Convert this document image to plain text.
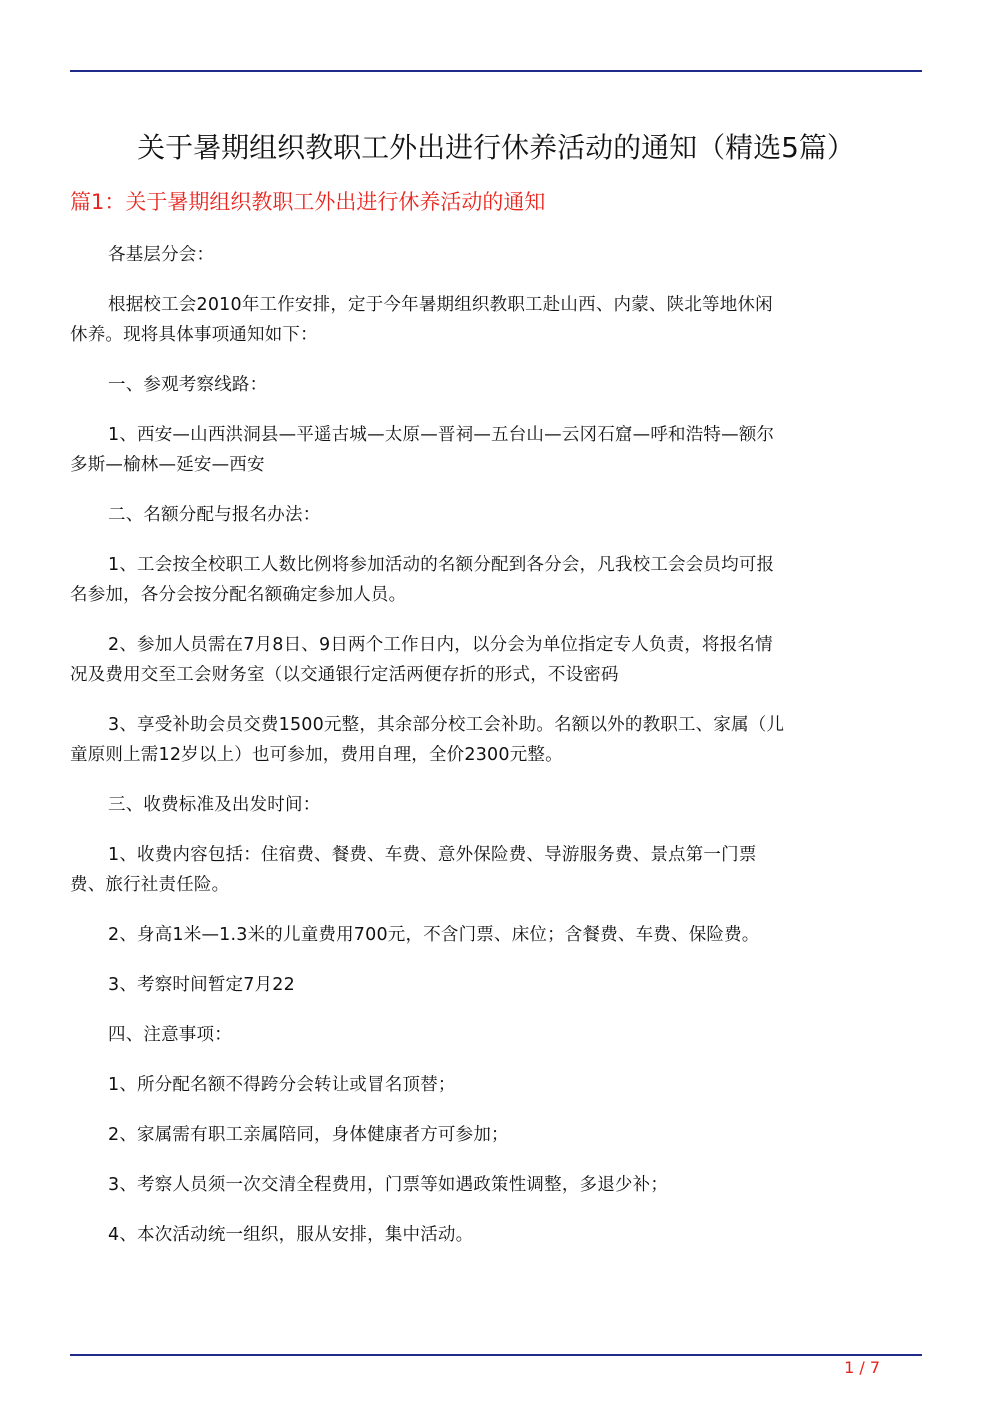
关于暑期组织教职工外出进行休养活动的通知（精选5篇）
篇1：关于暑期组织教职工外出进行休养活动的通知

各基层分会：

根据校工会2010年工作安排，定于今年暑期组织教职工赴山西、内蒙、陕北等地休闲休养。现将具体事项通知如下：

一、参观考察线路：

1、西安—山西洪洞县—平遥古城—太原—晋祠—五台山—云冈石窟—呼和浩特—额尔多斯—榆林—延安—西安

二、名额分配与报名办法：

1、工会按全校职工人数比例将参加活动的名额分配到各分会，凡我校工会会员均可报名参加，各分会按分配名额确定参加人员。

2、参加人员需在7月8日、9日两个工作日内，以分会为单位指定专人负责，将报名情况及费用交至工会财务室（以交通银行定活两便存折的形式，不设密码

3、享受补助会员交费1500元整，其余部分校工会补助。名额以外的教职工、家属（儿童原则上需12岁以上）也可参加，费用自理，全价2300元整。

三、收费标准及出发时间：

1、收费内容包括：住宿费、餐费、车费、意外保险费、导游服务费、景点第一门票费、旅行社责任险。

2、身高1米—1.3米的儿童费用700元，不含门票、床位；含餐费、车费、保险费。

3、考察时间暂定7月22

四、注意事项：

1、所分配名额不得跨分会转让或冒名顶替；

2、家属需有职工亲属陪同，身体健康者方可参加；

3、考察人员须一次交清全程费用，门票等如遇政策性调整，多退少补；

4、本次活动统一组织，服从安排，集中活动。

1 / 7
